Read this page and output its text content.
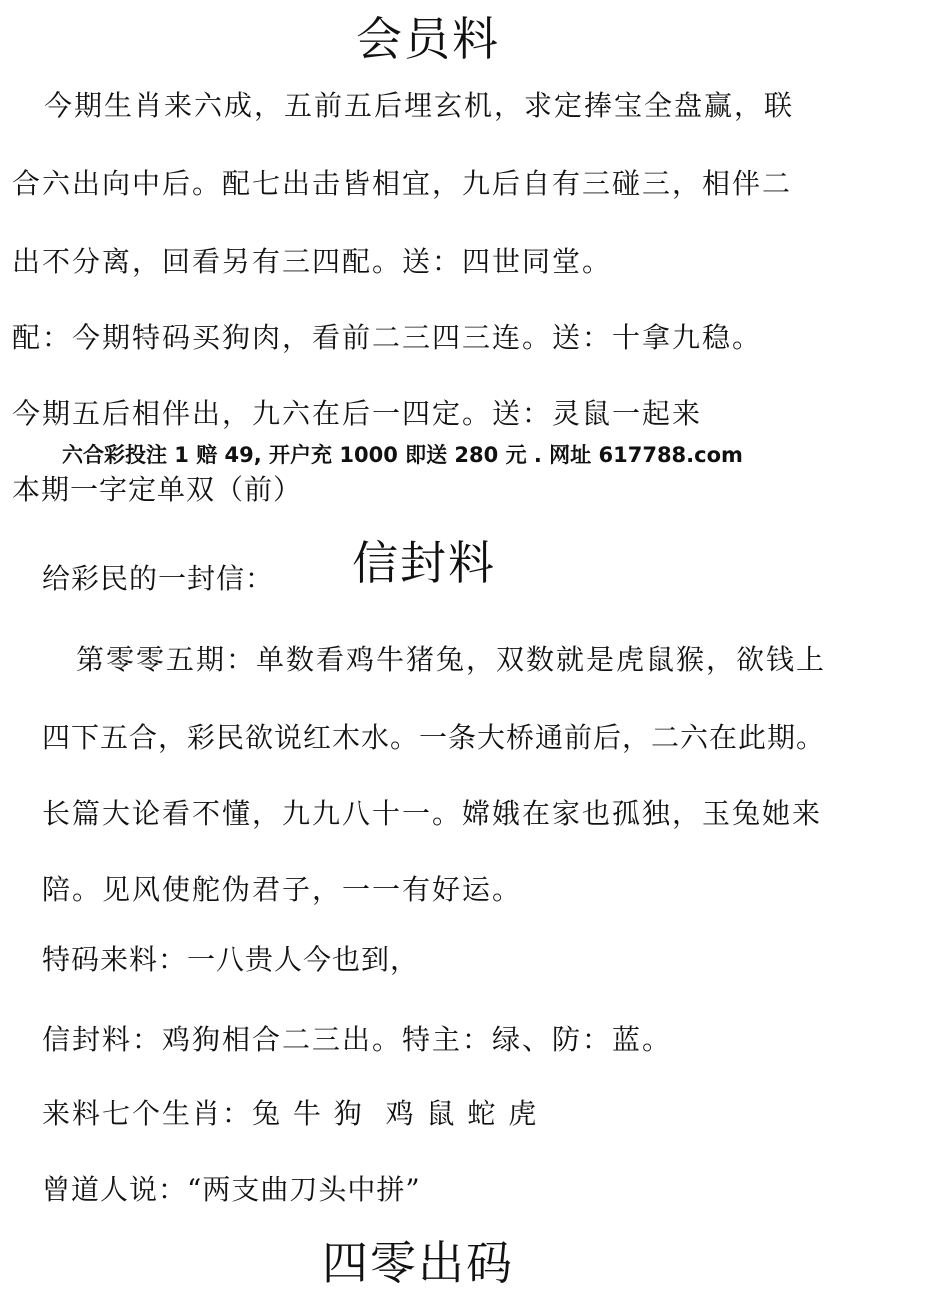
会员料
今期生肖来六成，五前五后埋玄机，求定捧宝全盘赢，联
合六出向中后。配七出击皆相宜，九后自有三碰三，相伴二
出不分离，回看另有三四配。送：四世同堂。
配：今期特码买狗肉，看前二三四三连。送：十拿九稳。
今期五后相伴出，九六在后一四定。送：灵鼠一起来
六合彩投注 1 赔 49, 开户充 1000 即送 280 元 . 网址 617788.com
本期一字定单双（前）
信封料
给彩民的一封信：
第零零五期：单数看鸡牛猪兔，双数就是虎鼠猴，欲钱上
四下五合，彩民欲说红木水。一条大桥通前后，二六在此期。
长篇大论看不懂，九九八十一。嫦娥在家也孤独，玉兔她来
陪。见风使舵伪君子，一一有好运。
特码来料：一八贵人今也到，
信封料：鸡狗相合二三出。特主：绿、防：蓝。
来料七个生肖：兔 牛 狗  鸡 鼠 蛇 虎
曾道人说：“两支曲刀头中拼”
四零出码
